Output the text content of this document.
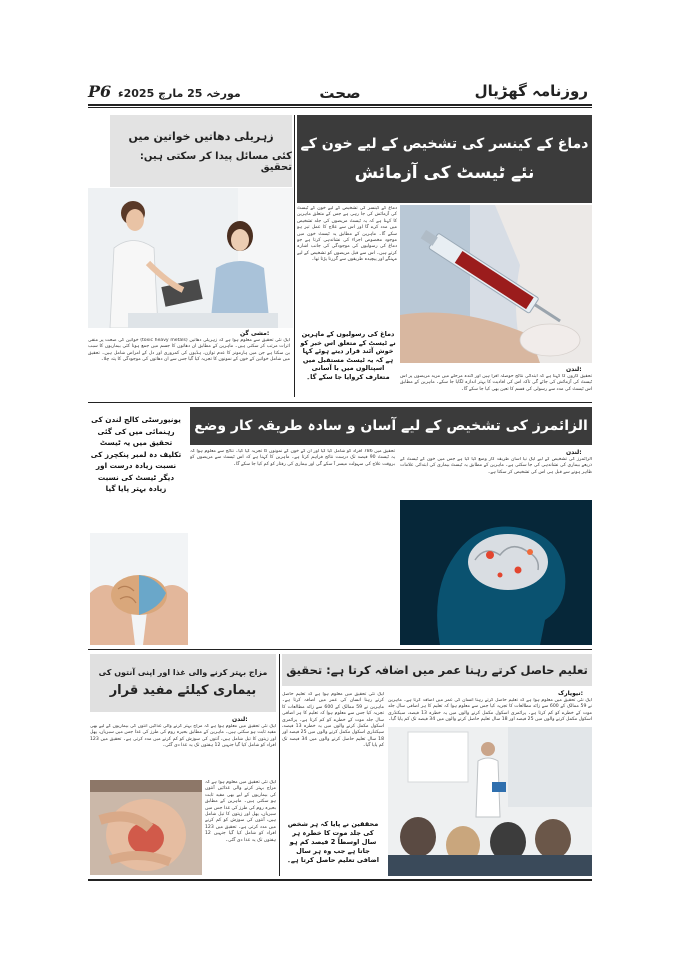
P6 مورخہ 25 مارچ 2025ء	صحت	روزنامہ گھڑیال
زہریلی دھاتیں خواتین میں
کئی مسائل پیدا کر سکتی ہیں: تحقیق
مشی گن:
ایک نئی تحقیق سے معلوم ہوا ہے کہ زہریلی دھاتیں (toxic heavy metals) خواتین کی صحت پر منفی اثرات مرتب کر سکتی ہیں۔ ماہرین کے مطابق ان دھاتوں کا جسم میں جمع ہونا کئی بیماریوں کا سبب بن سکتا ہے جن میں ہارمونز کا عدم توازن، ہڈیوں کی کمزوری اور دل کے امراض شامل ہیں۔ تحقیق میں شامل خواتین کے خون کے نمونوں کا تجزیہ کیا گیا جس سے ان دھاتوں کی موجودگی کا پتہ چلا۔
دماغ کے کینسر کی تشخیص کے لیے خون کے
نئے ٹیسٹ کی آزمائش
دماغ کے کینسر کی تشخیص کے لیے خون کے ٹیسٹ کی آزمائش کی جا رہی ہے جس کے متعلق ماہرین کا کہنا ہے کہ یہ ٹیسٹ مریضوں کی جلد تشخیص میں مدد کرے گا اور اس سے علاج کا عمل تیز ہو سکے گا۔ ماہرین کے مطابق یہ ٹیسٹ خون میں موجود مخصوص اجزاء کی نشاندہی کرتا ہے جو دماغ کی رسولیوں کی موجودگی کی جانب اشارہ کرتے ہیں۔ اس سے قبل مریضوں کو تشخیص کے لیے مہنگے اور پیچیدہ طریقوں سے گزرنا پڑتا تھا۔
دماغ کی رسولیوں کے ماہرین نے ٹیسٹ کے متعلق اس خبر کو خوش آئند قرار دیتے ہوئے کہا ہے کہ یہ ٹیسٹ مستقبل میں اسپتالوں میں با آسانی متعارف کروایا جا سکے گا۔
لندن:
تحقیق کاروں کا کہنا ہے کہ ابتدائی نتائج حوصلہ افزا ہیں اور آئندہ مرحلے میں مزید مریضوں پر اس ٹیسٹ کی آزمائش کی جائے گی تاکہ اس کی افادیت کا بہتر اندازہ لگایا جا سکے۔ ماہرین کے مطابق اس ٹیسٹ کی مدد سے رسولی کی قسم کا تعین بھی کیا جا سکے گا۔
یونیورسٹی کالج لندن کی رہنمائی میں کی گئی تحقیق میں یہ ٹیسٹ تکلیف دہ لمبر پنکچرز کی نسبت زیادہ درست اور دیگر ٹیسٹ کی نسبت زیادہ بہتر پایا گیا
الزائمرز کی تشخیص کے لیے آسان و سادہ طریقہ کار وضع
لندن:
الزائمرز کی تشخیص کے لیے ایک نیا آسان طریقہ کار وضع کیا گیا ہے جس میں خون کے ٹیسٹ کے ذریعے بیماری کی نشاندہی کی جا سکتی ہے۔ ماہرین کے مطابق یہ ٹیسٹ بیماری کی ابتدائی علامات ظاہر ہونے سے قبل ہی اس کی تشخیص کر سکتا ہے۔
تحقیق میں 786 افراد کو شامل کیا گیا اور ان کے خون کے نمونوں کا تجزیہ کیا گیا۔ نتائج سے معلوم ہوا کہ یہ ٹیسٹ 90 فیصد تک درست نتائج فراہم کرتا ہے۔ ماہرین کا کہنا ہے کہ اس ٹیسٹ سے مریضوں کو بروقت علاج کی سہولت میسر آ سکے گی اور بیماری کی رفتار کو کم کیا جا سکے گا۔
مزاج بہتر کرنے والی غذا اور اپنی آنتوں کی
بیماری کیلئے مفید قرار
لندن:
ایک نئی تحقیق میں معلوم ہوا ہے کہ مزاج بہتر کرنے والی غذائیں آنتوں کی بیماریوں کے لیے بھی مفید ثابت ہو سکتی ہیں۔ ماہرین کے مطابق بحیرہ روم کی طرز کی غذا جس میں سبزیاں، پھل اور زیتون کا تیل شامل ہیں، آنتوں کی سوزش کو کم کرنے میں مدد کرتی ہے۔ تحقیق میں 123 افراد کو شامل کیا گیا جنہیں 12 ہفتوں تک یہ غذا دی گئی۔
ایک نئی تحقیق میں معلوم ہوا ہے کہ مزاج بہتر کرنے والی غذائیں آنتوں کی بیماریوں کے لیے بھی مفید ثابت ہو سکتی ہیں۔ ماہرین کے مطابق بحیرہ روم کی طرز کی غذا جس میں سبزیاں، پھل اور زیتون کا تیل شامل ہیں، آنتوں کی سوزش کو کم کرنے میں مدد کرتی ہے۔ تحقیق میں 123 افراد کو شامل کیا گیا جنہیں 12 ہفتوں تک یہ غذا دی گئی۔
تعلیم حاصل کرتے رہنا عمر میں اضافہ کرتا ہے: تحقیق
نیویارک:
ایک نئی تحقیق میں معلوم ہوا ہے کہ تعلیم حاصل کرتے رہنا انسان کی عمر میں اضافہ کرتا ہے۔ ماہرین نے 59 ممالک کے 600 سے زائد مطالعات کا تجزیہ کیا جس سے معلوم ہوا کہ تعلیم کا ہر اضافی سال جلد موت کے خطرے کو کم کرتا ہے۔ پرائمری اسکول مکمل کرنے والوں میں یہ خطرہ 13 فیصد، سیکنڈری اسکول مکمل کرنے والوں میں 25 فیصد اور 18 سال تعلیم حاصل کرنے والوں میں 34 فیصد تک کم پایا گیا۔
ایک نئی تحقیق میں معلوم ہوا ہے کہ تعلیم حاصل کرتے رہنا انسان کی عمر میں اضافہ کرتا ہے۔ ماہرین نے 59 ممالک کے 600 سے زائد مطالعات کا تجزیہ کیا جس سے معلوم ہوا کہ تعلیم کا ہر اضافی سال جلد موت کے خطرے کو کم کرتا ہے۔ پرائمری اسکول مکمل کرنے والوں میں یہ خطرہ 13 فیصد، سیکنڈری اسکول مکمل کرنے والوں میں 25 فیصد اور 18 سال تعلیم حاصل کرنے والوں میں 34 فیصد تک کم پایا گیا۔
محققین نے پایا کہ ہر شخص کی جلد موت کا خطرہ ہر سال اوسطاً 2 فیصد کم ہو جاتا ہے جب وہ ہر سال اضافی تعلیم حاصل کرتا ہے۔
